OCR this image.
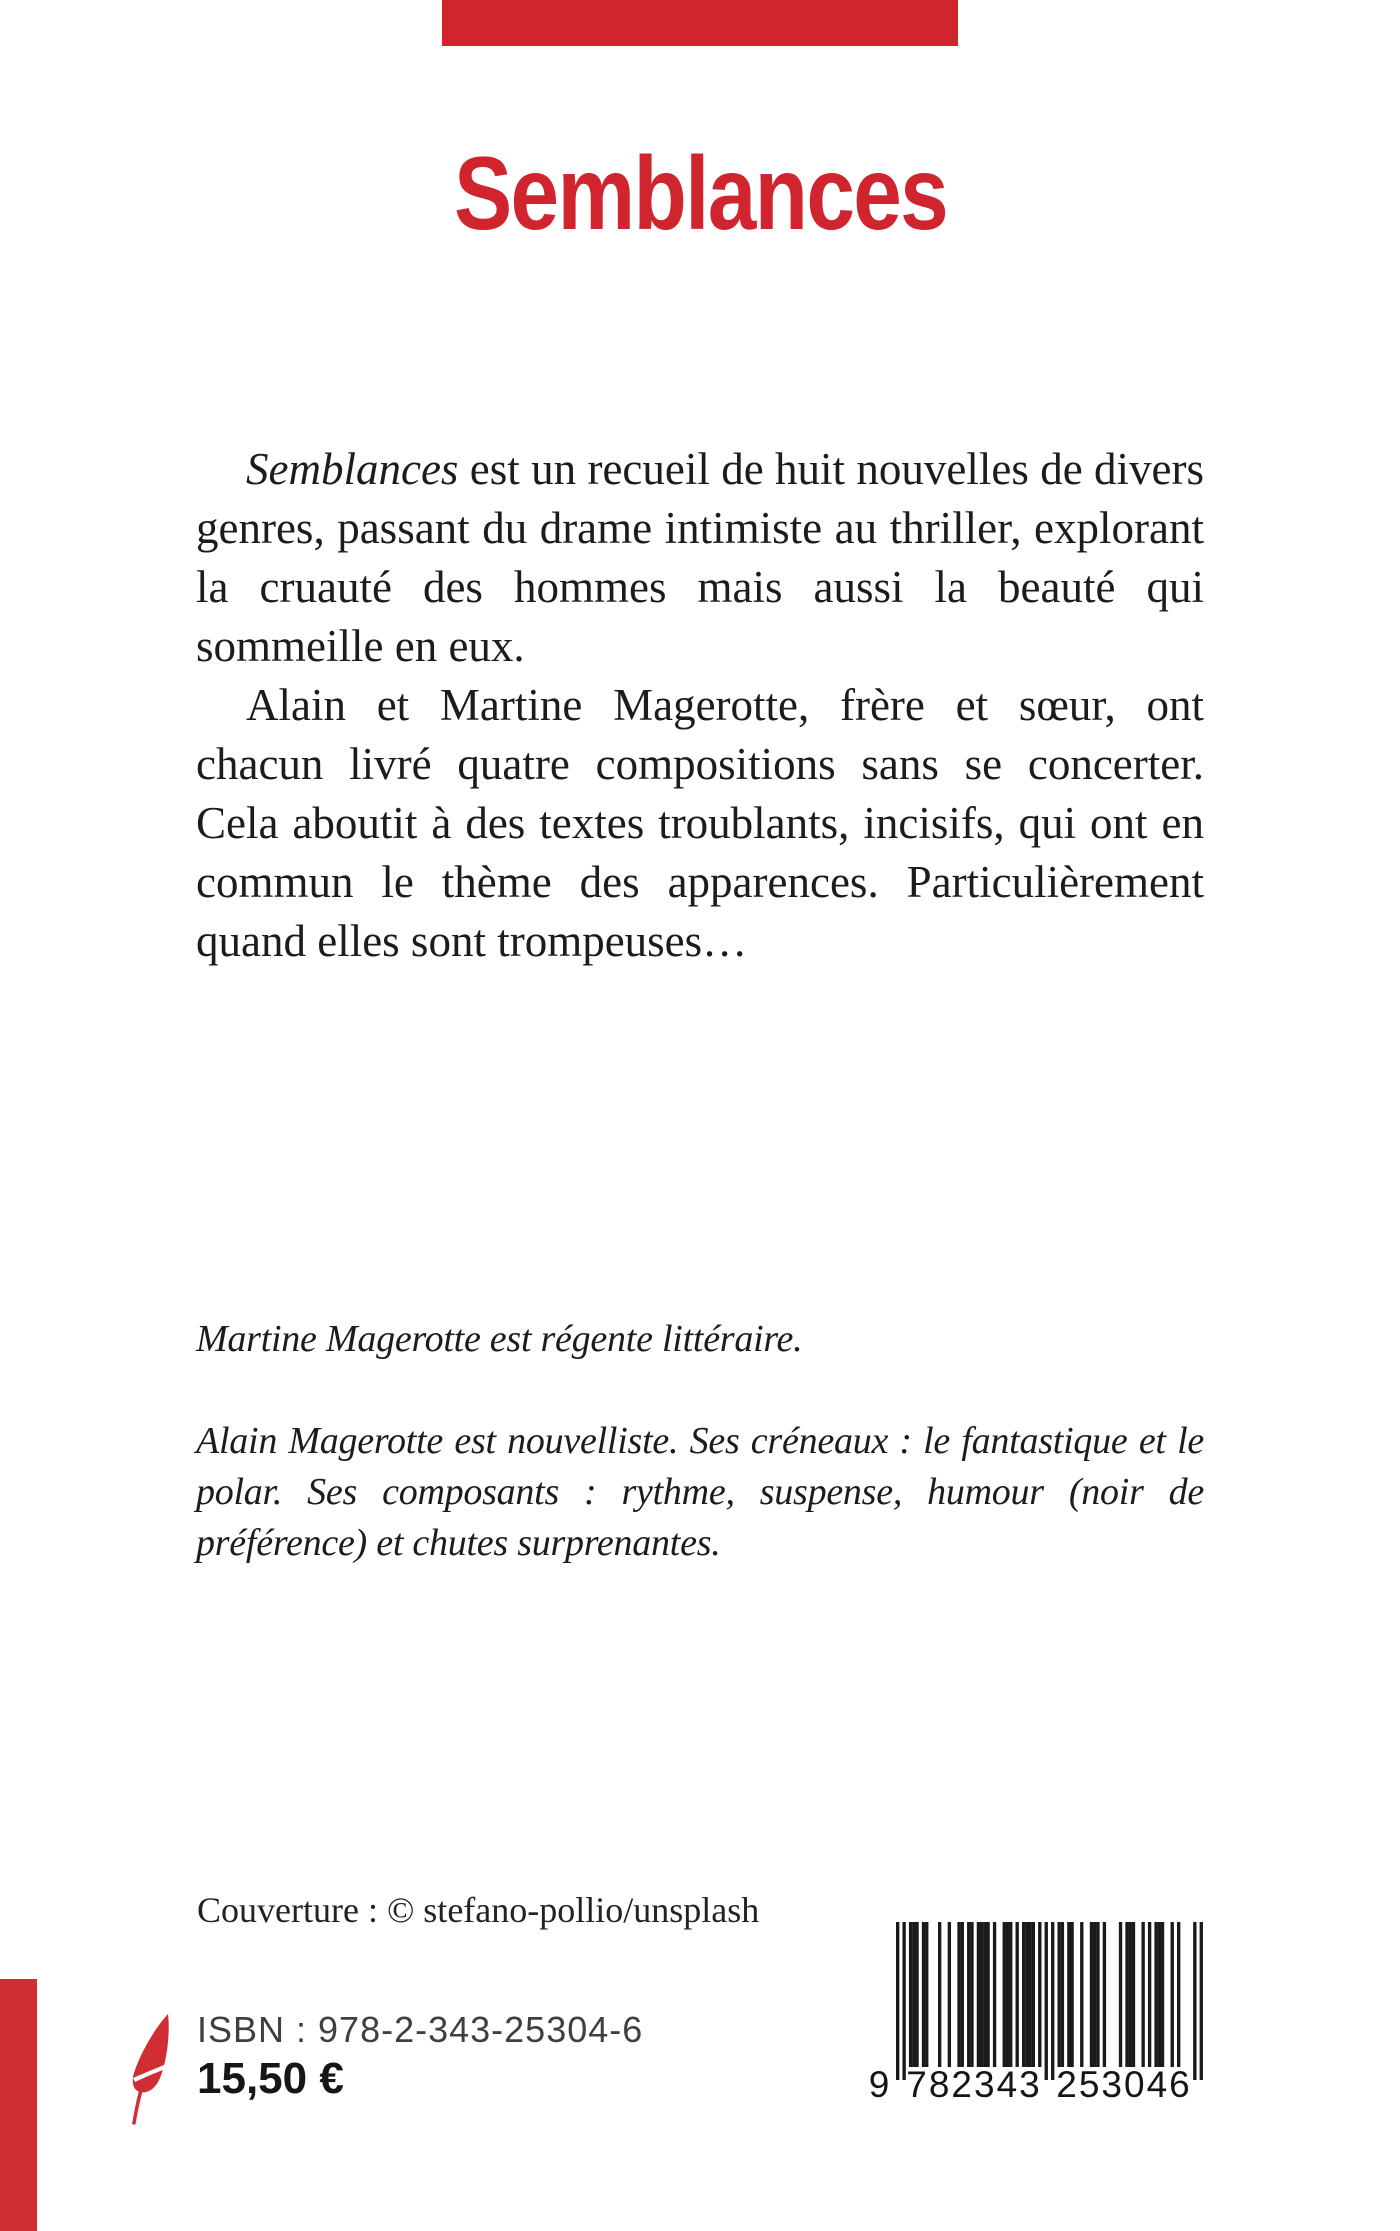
Semblances

Semblances est un recueil de huit nouvelles de divers genres, passant du drame intimiste au thriller, explorant la cruauté des hommes mais aussi la beauté qui sommeille en eux.

Alain et Martine Magerotte, frère et sœur, ont chacun livré quatre compositions sans se concerter. Cela aboutit à des textes troublants, incisifs, qui ont en commun le thème des apparences. Particulièrement quand elles sont trompeuses…

Martine Magerotte est régente littéraire.

Alain Magerotte est nouvelliste. Ses créneaux : le fantastique et le polar. Ses composants : rythme, suspense, humour (noir de préférence) et chutes surprenantes.

Couverture : © stefano-pollio/unsplash
ISBN : 978-2-343-25304-6
15,50 €	9 782343 253046
